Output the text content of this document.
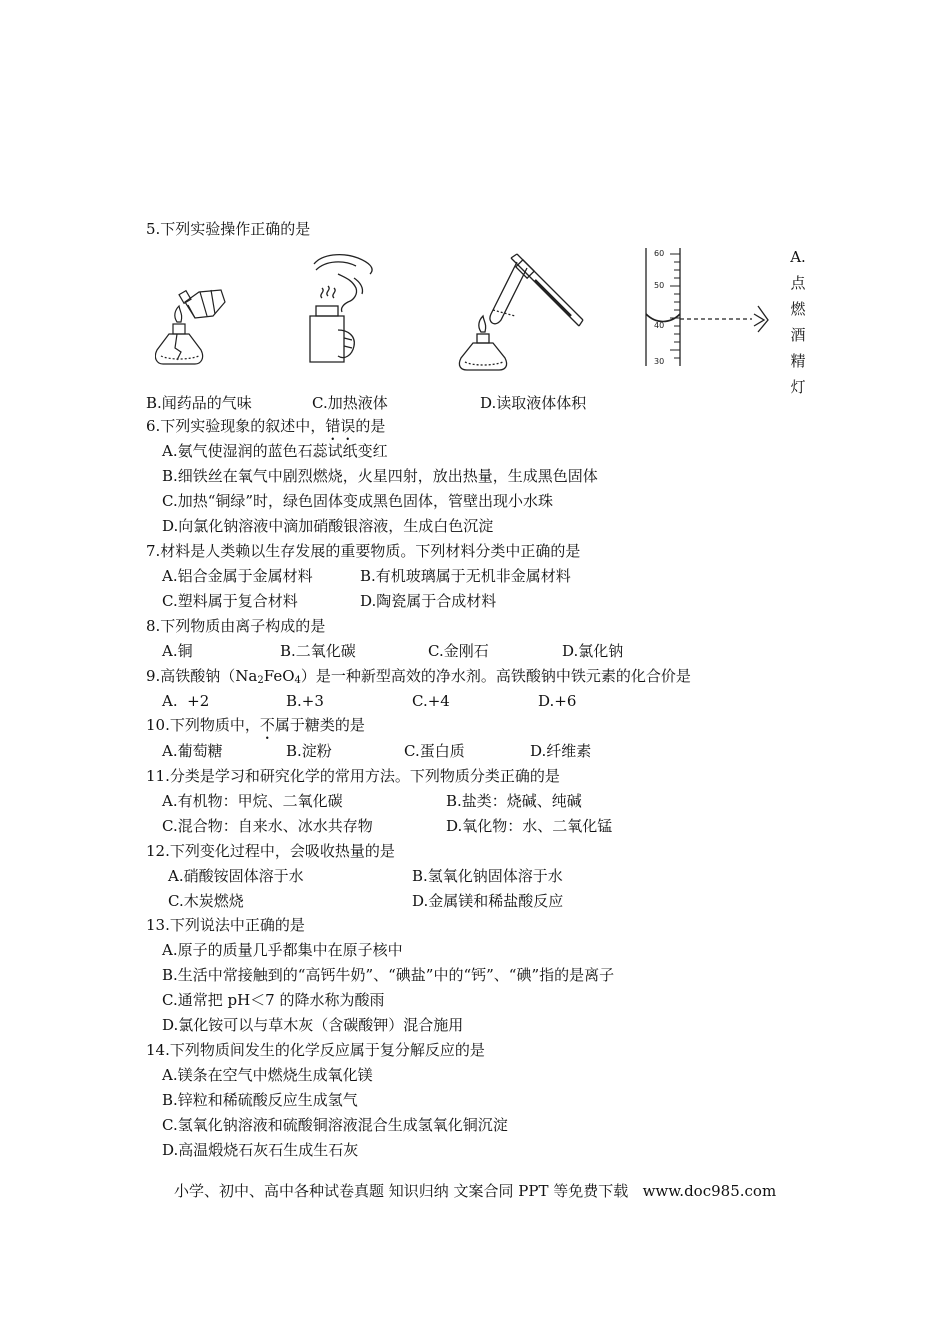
5.下列实验操作正确的是
60
50
40
30
A.
点
燃
酒
精
灯
B.闻药品的气味	C.加热液体	D.读取液体体积
6.下列实验现象的叙述中，错误的是
A.氨气使湿润的蓝色石蕊试纸变红
B.细铁丝在氧气中剧烈燃烧，火星四射，放出热量，生成黑色固体
C.加热“铜绿”时，绿色固体变成黑色固体，管壁出现小水珠
D.向氯化钠溶液中滴加硝酸银溶液，生成白色沉淀
7.材料是人类赖以生存发展的重要物质。下列材料分类中正确的是
A.铝合金属于金属材料	B.有机玻璃属于无机非金属材料
C.塑料属于复合材料	D.陶瓷属于合成材料
8.下列物质由离子构成的是
A.铜	B.二氧化碳	C.金刚石	D.氯化钠
9.高铁酸钠$(Na_2FeO_4)$是一种新型高效的净水剂。高铁酸钠中铁元素的化合价是
A.  +2	B.+3	C.+4	D.+6
10.下列物质中，不属于糖类的是
A.葡萄糖	B.淀粉	C.蛋白质	D.纤维素
11.分类是学习和研究化学的常用方法。下列物质分类正确的是
A.有机物：甲烷、二氧化碳	B.盐类：烧碱、纯碱
C.混合物：自来水、冰水共存物	D.氧化物：水、二氧化锰
12.下列变化过程中，会吸收热量的是
A.硝酸铵固体溶于水	B.氢氧化钠固体溶于水
C.木炭燃烧	D.金属镁和稀盐酸反应
13.下列说法中正确的是
A.原子的质量几乎都集中在原子核中
B.生活中常接触到的“高钙牛奶”、“碘盐”中的“钙”、“碘”指的是离子
C.通常把 pH＜7 的降水称为酸雨
D.氯化铵可以与草木灰（含碳酸钾）混合施用
14.下列物质间发生的化学反应属于复分解反应的是
A.镁条在空气中燃烧生成氧化镁
B.锌粒和稀硫酸反应生成氢气
C.氢氧化钠溶液和硫酸铜溶液混合生成氢氧化铜沉淀
D.高温煅烧石灰石生成生石灰
小学、初中、高中各种试卷真题 知识归纳 文案合同 PPT 等免费下载   www.doc985.com
